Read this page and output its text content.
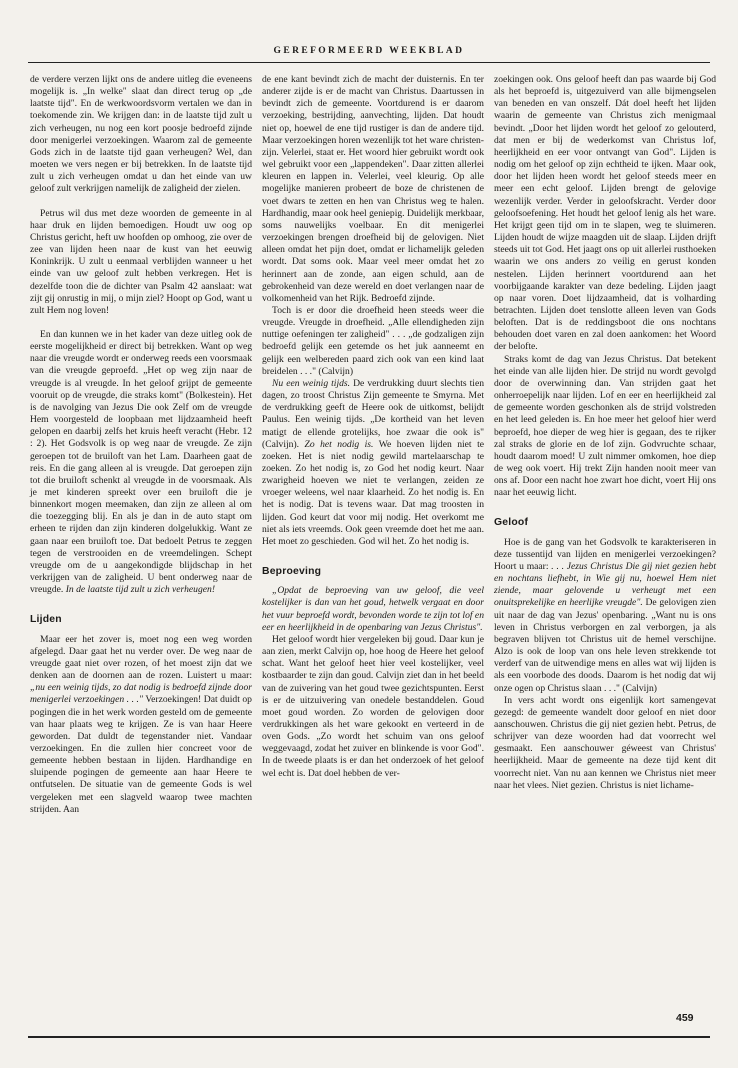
GEREFORMEERD WEEKBLAD

de verdere verzen lijkt ons de andere uitleg die eveneens mogelijk is. „In welke" slaat dan direct terug op „de laatste tijd". En de werkwoordsvorm vertalen we dan in toekomende zin. We krijgen dan: in de laatste tijd zult u zich verheugen, nu nog een kort poosje bedroefd zijnde door menigerlei verzoekingen. Waarom zal de gemeente Gods zich in de laatste tijd gaan verheugen? Wel, dan moeten we vers negen er bij betrekken. In de laatste tijd zult u zich verheugen omdat u dan het einde van uw geloof zult verkrijgen namelijk de zaligheid der zielen.

Petrus wil dus met deze woorden de gemeente in al haar druk en lijden bemoedigen. Houdt uw oog op Christus gericht, heft uw hoofden op omhoog, zie over de zee van lijden heen naar de kust van het eeuwig Koninkrijk. U zult u eenmaal verblijden wanneer u het einde van uw geloof zult hebben verkregen. Het is dezelfde toon die de dichter van Psalm 42 aanslaat: wat zijt gij onrustig in mij, o mijn ziel? Hoopt op God, want u zult Hem nog loven!

En dan kunnen we in het kader van deze uitleg ook de eerste mogelijkheid er direct bij betrekken. Want op weg naar die vreugde wordt er onderweg reeds een voorsmaak van die vreugde geproefd. „Het op weg zijn naar de vreugde is al vreugde. In het geloof grijpt de gemeente vooruit op de vreugde, die straks komt" (Bolkestein). Het is de navolging van Jezus Die ook Zelf om de vreugde Hem voorgesteld de loopbaan met lijdzaamheid heeft gelopen en daarbij zelfs het kruis heeft veracht (Hebr. 12 : 2). Het Godsvolk is op weg naar de vreugde. Ze zijn geroepen tot de bruiloft van het Lam. Daarheen gaat de reis. En die gang alleen al is vreugde. Dat geroepen zijn tot die bruiloft schenkt al vreugde in de voorsmaak. Als je met kinderen spreekt over een bruiloft die je binnenkort mogen meemaken, dan zijn ze alleen al om die toezegging blij. En als je dan in de auto stapt om erheen te rijden dan zijn kinderen dolgelukkig. Want ze gaan naar een bruiloft toe. Dat bedoelt Petrus te zeggen tegen de verstrooiden en de vreemdelingen. Schept vreugde om de u aangekondigde blijdschap in het verkrijgen van de zaligheid. U bent onderweg naar de vreugde. In de laatste tijd zult u zich verheugen!

Lijden

Maar eer het zover is, moet nog een weg worden afgelegd. Daar gaat het nu verder over. De weg naar de vreugde gaat niet over rozen, of het moest zijn dat we denken aan de doornen aan de rozen. Luistert u maar: „nu een weinig tijds, zo dat nodig is bedroefd zijnde door menigerlei verzoekingen . . ." Verzoekingen! Dat duidt op pogingen die in het werk worden gesteld om de gemeente van haar plaats weg te krijgen. Ze is van haar Heere geworden. Dat duldt de tegenstander niet. Vandaar verzoekingen. En die zullen hier concreet voor de gemeente hebben bestaan in lijden. Hardhandige en sluipende pogingen de gemeente aan haar Heere te ontfutselen. De situatie van de gemeente Gods is wel vergeleken met een slagveld waarop twee machten strijden. Aan

de ene kant bevindt zich de macht der duisternis. En ter anderer zijde is er de macht van Christus. Daartussen in bevindt zich de gemeente. Voortdurend is er daarom verzoeking, bestrijding, aanvechting, lijden. Dat houdt niet op, hoewel de ene tijd rustiger is dan de andere tijd. Maar verzoekingen horen wezenlijk tot het ware christen-zijn. Velerlei, staat er. Het woord hier gebruikt wordt ook wel gebruikt voor een „lappendeken". Daar zitten allerlei kleuren en lappen in. Velerlei, veel kleurig. Op alle mogelijke manieren probeert de boze de christenen de voet dwars te zetten en hen van Christus weg te halen. Hardhandig, maar ook heel geniepig. Duidelijk merkbaar, soms nauwelijks voelbaar. En dit menigerlei verzoekingen brengen droefheid bij de gelovigen. Niet alleen omdat het pijn doet, omdat er lichamelijk geleden wordt. Dat soms ook. Maar veel meer omdat het zo herinnert aan de zonde, aan eigen schuld, aan de gebrokenheid van deze wereld en doet verlangen naar de volkomenheid van het Rijk. Bedroefd zijnde.

Toch is er door die droefheid heen steeds weer die vreugde. Vreugde in droefheid. „Alle ellendigheden zijn nuttige oefeningen ter zaligheid" . . . „de godzaligen zijn bedroefd gelijk een getemde os het juk aanneemt en gelijk een welbereden paard zich ook van een kind laat breidelen . . ." (Calvijn)

Nu een weinig tijds. De verdrukking duurt slechts tien dagen, zo troost Christus Zijn gemeente te Smyrna. Met de verdrukking geeft de Heere ook de uitkomst, belijdt Paulus. Een weinig tijds. „De kortheid van het leven matigt de ellende grotelijks, hoe zwaar die ook is" (Calvijn). Zo het nodig is. We hoeven lijden niet te zoeken. Het is niet nodig gewild martelaarschap te zoeken. Zo het nodig is, zo God het nodig keurt. Naar zwarigheid hoeven we niet te verlangen, zeiden ze vroeger weleens, wel naar klaarheid. Zo het nodig is. En het is nodig. Dat is tevens waar. Dat mag troosten in lijden. God keurt dat voor mij nodig. Het overkomt me niet als iets vreemds. Ook geen vreemde doet het me aan. Het moet zo geschieden. God wil het. Zo het nodig is.

Beproeving

„Opdat de beproeving van uw geloof, die veel kostelijker is dan van het goud, hetwelk vergaat en door het vuur beproefd wordt, bevonden worde te zijn tot lof en eer en heerlijkheid in de openbaring van Jezus Christus".

Het geloof wordt hier vergeleken bij goud. Daar kun je aan zien, merkt Calvijn op, hoe hoog de Heere het geloof schat. Want het geloof heet hier veel kostelijker, veel kostbaarder te zijn dan goud. Calvijn ziet dan in het beeld van de zuivering van het goud twee gezichtspunten. Eerst is er de uitzuivering van onedele bestanddelen. Goud moet goud worden. Zo worden de gelovigen door verdrukkingen als het ware gekookt en verteerd in de oven Gods. „Zo wordt het schuim van ons geloof weggevaagd, zodat het zuiver en blinkende is voor God". In de tweede plaats is er dan het onderzoek of het geloof wel echt is. Dat doel hebben de ver-

zoekingen ook. Ons geloof heeft dan pas waarde bij God als het beproefd is, uitgezuiverd van alle bijmengselen van beneden en van onszelf. Dát doel heeft het lijden waarin de gemeente van Christus zich menigmaal bevindt. „Door het lijden wordt het geloof zo gelouterd, dat men er bij de wederkomst van Christus lof, heerlijkheid en eer voor ontvangt van God". Lijden is nodig om het geloof op zijn echtheid te ijken. Maar ook, door het lijden heen wordt het geloof steeds meer en meer een echt geloof. Lijden brengt de gelovige wezenlijk verder. Verder in geloofskracht. Verder door geloofsoefening. Het houdt het geloof lenig als het ware. Het krijgt geen tijd om in te slapen, weg te sluimeren. Lijden houdt de wijze maagden uit de slaap. Lijden drijft steeds uit tot God. Het jaagt ons op uit allerlei rusthoeken waarin we ons anders zo veilig en gerust konden nestelen. Lijden herinnert voortdurend aan het voorbijgaande karakter van deze bedeling. Lijden jaagt op naar voren. Doet lijdzaamheid, dat is volharding betrachten. Lijden doet tenslotte alleen leven van Gods beloften. Dat is de reddingsboot die ons nochtans behouden doet varen en zal doen aankomen: het Woord der belofte.

Straks komt de dag van Jezus Christus. Dat betekent het einde van alle lijden hier. De strijd nu wordt gevolgd door de overwinning dan. Van strijden gaat het onherroepelijk naar lijden. Lof en eer en heerlijkheid zal de gemeente worden geschonken als de strijd volstreden en het leed geleden is. En hoe meer het geloof hier werd beproefd, hoe dieper de weg hier is gegaan, des te rijker zal straks de glorie en de lof zijn. Godvruchte schaar, houdt daarom moed! U zult nimmer omkomen, hoe diep de weg ook voert. Hij trekt Zijn handen nooit meer van ons af. Door een nacht hoe zwart hoe dicht, voert Hij ons naar het eeuwig licht.

Geloof

Hoe is de gang van het Godsvolk te karakteriseren in deze tussentijd van lijden en menigerlei verzoekingen? Hoort u maar: . . . Jezus Christus Die gij niet gezien hebt en nochtans liefhebt, in Wie gij nu, hoewel Hem niet ziende, maar gelovende u verheugt met een onuitsprekelijke en heerlijke vreugde". De gelovigen zien uit naar de dag van Jezus' openbaring. „Want nu is ons leven in Christus verborgen en zal verborgen, ja als begraven blijven tot Christus uit de hemel verschijne. Alzo is ook de loop van ons hele leven strekkende tot verderf van de uitwendige mens en alles wat wij lijden is als een voorbode des doods. Daarom is het nodig dat wij onze ogen op Christus slaan . . ." (Calvijn)

In vers acht wordt ons eigenlijk kort samengevat gezegd: de gemeente wandelt door geloof en niet door aanschouwen. Christus die gij niet gezien hebt. Petrus, de schrijver van deze woorden had dat voorrecht wel gesmaakt. Een aanschouwer géweest van Christus' heerlijkheid. Maar de gemeente na deze tijd kent dit voorrecht niet. Van nu aan kennen we Christus niet meer naar het vlees. Niet gezien. Christus is niet lichame-

459
